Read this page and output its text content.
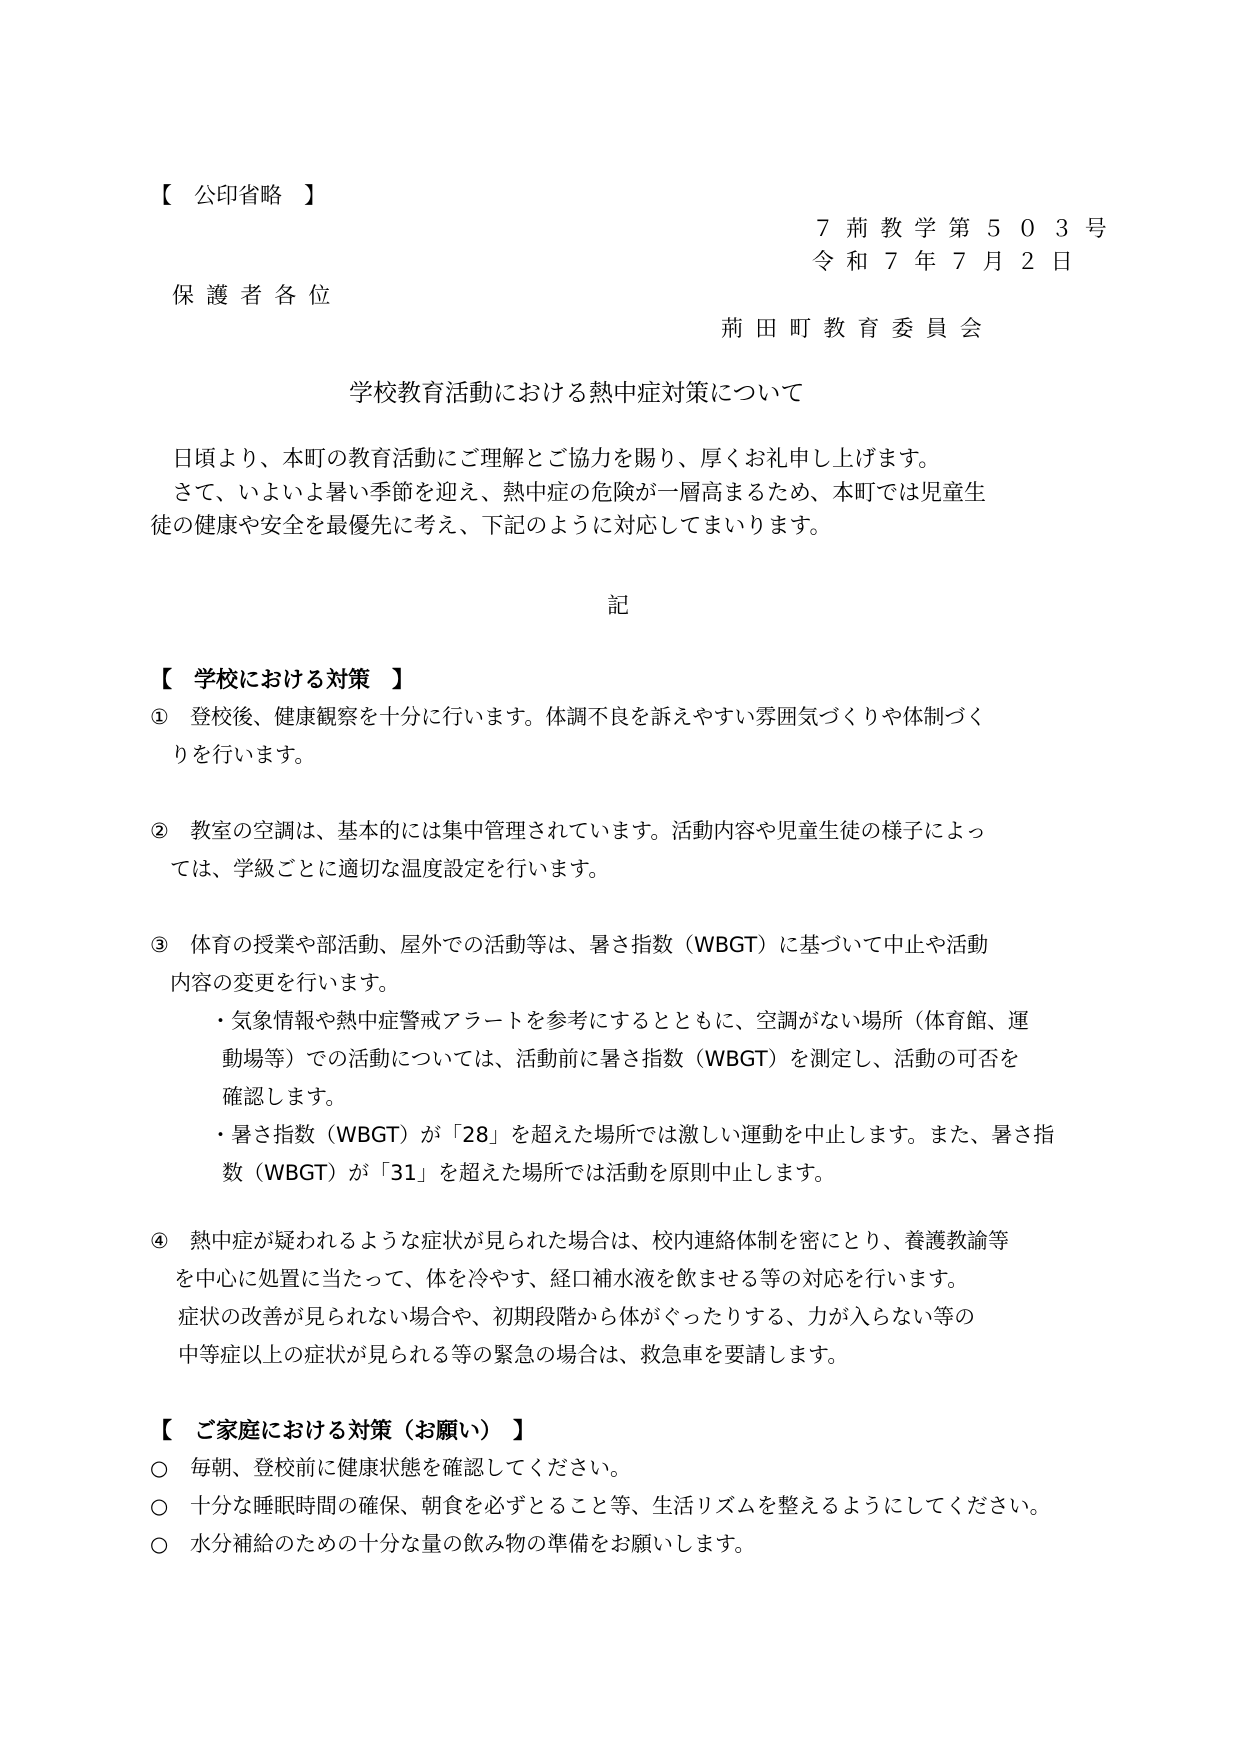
【　公印省略　】

７荊教学第５０３号

令和７年７月２日

保護者各位

荊田町教育委員会

学校教育活動における熱中症対策について

日頃より、本町の教育活動にご理解とご協力を賜り、厚くお礼申し上げます。

さて、いよいよ暑い季節を迎え、熱中症の危険が一層高まるため、本町では児童生

徒の健康や安全を最優先に考え、下記のように対応してまいります。

記

【　学校における対策　】

① 登校後、健康観察を十分に行います。体調不良を訴えやすい雰囲気づくりや体制づく
りを行います。
② 教室の空調は、基本的には集中管理されています。活動内容や児童生徒の様子によっ
ては、学級ごとに適切な温度設定を行います。
③ 体育の授業や部活動、屋外での活動等は、暑さ指数（WBGT）に基づいて中止や活動
内容の変更を行います。
・気象情報や熱中症警戒アラートを参考にするとともに、空調がない場所（体育館、運
動場等）での活動については、活動前に暑さ指数（WBGT）を測定し、活動の可否を
確認します。
・暑さ指数（WBGT）が「28」を超えた場所では激しい運動を中止します。また、暑さ指
数（WBGT）が「31」を超えた場所では活動を原則中止します。
④ 熱中症が疑われるような症状が見られた場合は、校内連絡体制を密にとり、養護教諭等
を中心に処置に当たって、体を冷やす、経口補水液を飲ませる等の対応を行います。
症状の改善が見られない場合や、初期段階から体がぐったりする、力が入らない等の
中等症以上の症状が見られる等の緊急の場合は、救急車を要請します。

【　ご家庭における対策（お願い）　】

○ 毎朝、登校前に健康状態を確認してください。
○ 十分な睡眠時間の確保、朝食を必ずとること等、生活リズムを整えるようにしてください。
○ 水分補給のための十分な量の飲み物の準備をお願いします。
